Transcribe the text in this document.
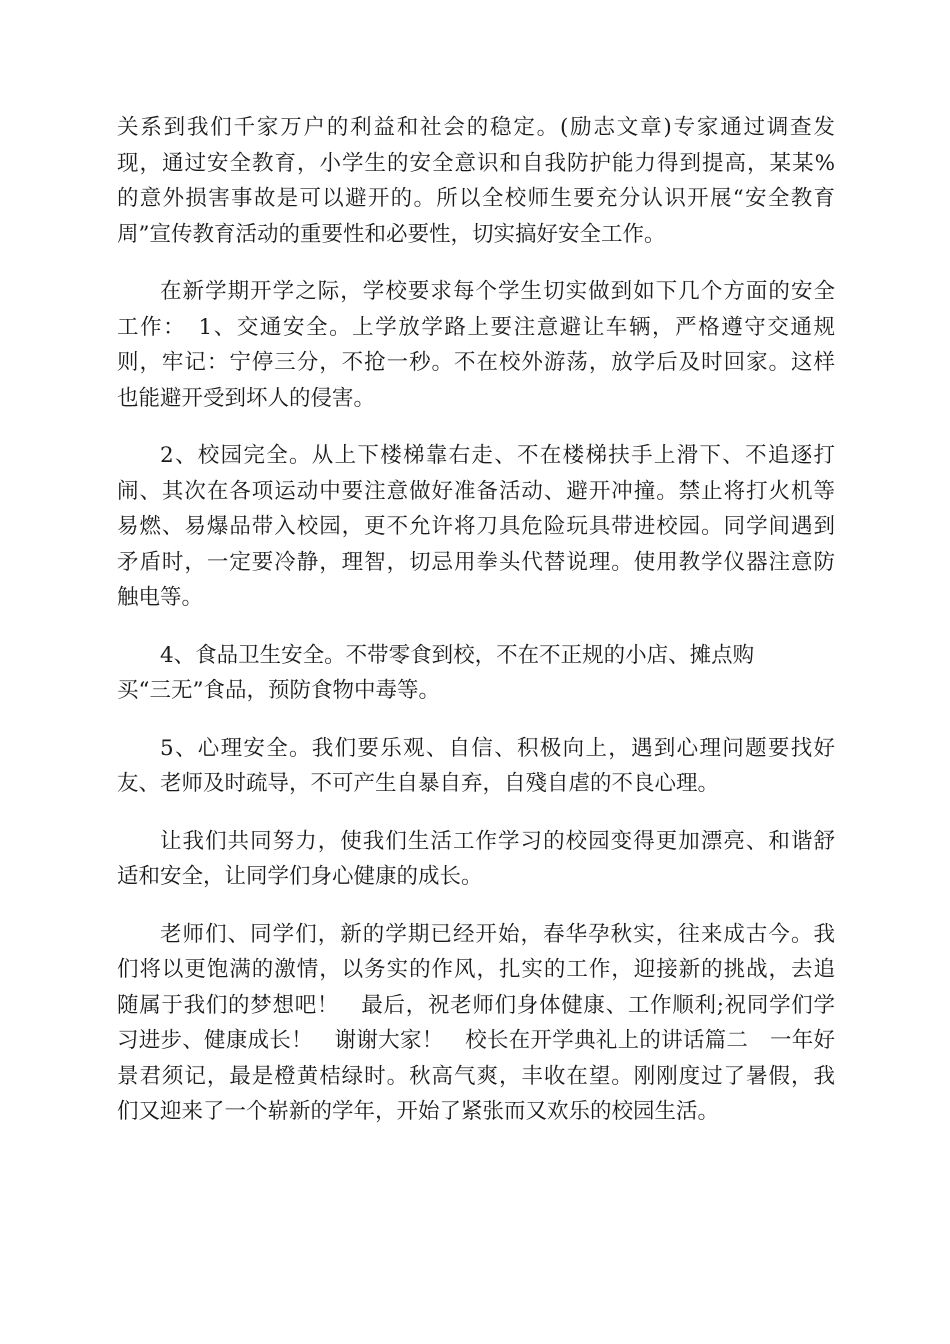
关系到我们千家万户的利益和社会的稳定。(励志文章)专家通过调查发
现，通过安全教育，小学生的安全意识和自我防护能力得到提高，某某%
的意外损害事故是可以避开的。所以全校师生要充分认识开展“安全教育
周”宣传教育活动的重要性和必要性，切实搞好安全工作。
在新学期开学之际，学校要求每个学生切实做到如下几个方面的安全
工作：　1、交通安全。上学放学路上要注意避让车辆，严格遵守交通规
则，牢记：宁停三分，不抢一秒。不在校外游荡，放学后及时回家。这样
也能避开受到坏人的侵害。
2、校园完全。从上下楼梯靠右走、不在楼梯扶手上滑下、不追逐打
闹、其次在各项运动中要注意做好准备活动、避开冲撞。禁止将打火机等
易燃、易爆品带入校园，更不允许将刀具危险玩具带进校园。同学间遇到
矛盾时，一定要冷静，理智，切忌用拳头代替说理。使用教学仪器注意防
触电等。
4、食品卫生安全。不带零食到校，不在不正规的小店、摊点购
买“三无”食品，预防食物中毒等。
5、心理安全。我们要乐观、自信、积极向上，遇到心理问题要找好
友、老师及时疏导，不可产生自暴自弃，自殘自虐的不良心理。
让我们共同努力，使我们生活工作学习的校园变得更加漂亮、和谐舒
适和安全，让同学们身心健康的成长。
老师们、同学们，新的学期已经开始，春华孕秋实，往来成古今。我
们将以更饱满的激情，以务实的作风，扎实的工作，迎接新的挑战，去追
随属于我们的梦想吧！　最后，祝老师们身体健康、工作顺利;祝同学们学
习进步、健康成长！　谢谢大家！　校长在开学典礼上的讲话篇二　一年好
景君须记，最是橙黄桔绿时。秋高气爽，丰收在望。刚刚度过了暑假，我
们又迎来了一个崭新的学年，开始了紧张而又欢乐的校园生活。
